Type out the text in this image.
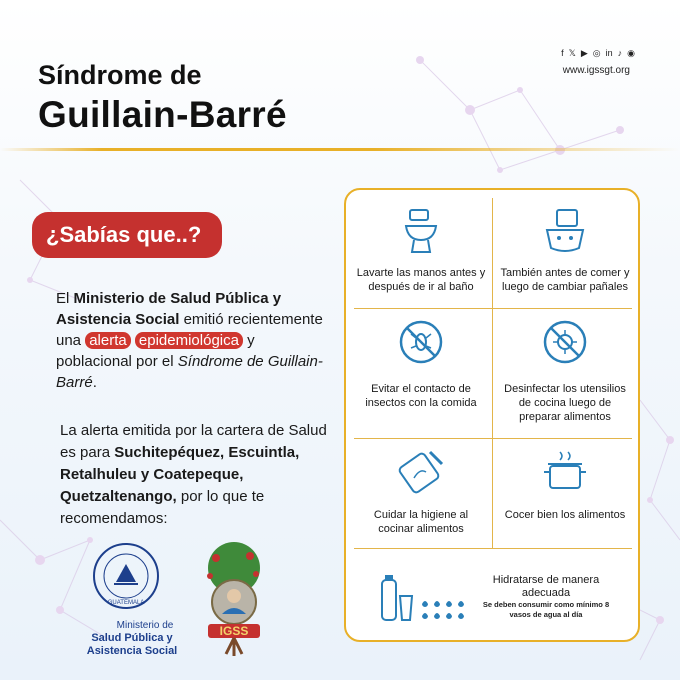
Síndrome de
Guillain-Barré
f 𝕏 ▶ ◎ in ♪ ◉
www.igssgt.org
¿Sabías que..?
El Ministerio de Salud Pública y Asistencia Social emitió recientemente una alerta epidemiológica y poblacional por el Síndrome de Guillain-Barré.
La alerta emitida por la cartera de Salud es para Suchitepéquez, Escuintla, Retalhuleu y Coatepeque, Quetzaltenango, por lo que te recomendamos:
GUATEMALA
Ministerio de
Salud Pública y
Asistencia Social
IGSS
Lavarte las manos antes y después de ir al baño
También antes de comer y luego de cambiar pañales
Evitar el contacto de insectos con la comida
Desinfectar los utensilios de cocina luego de preparar alimentos
Cuidar la higiene al cocinar alimentos
Cocer bien los alimentos
Hidratarse de manera adecuada
Se deben consumir como mínimo 8 vasos de agua al día
